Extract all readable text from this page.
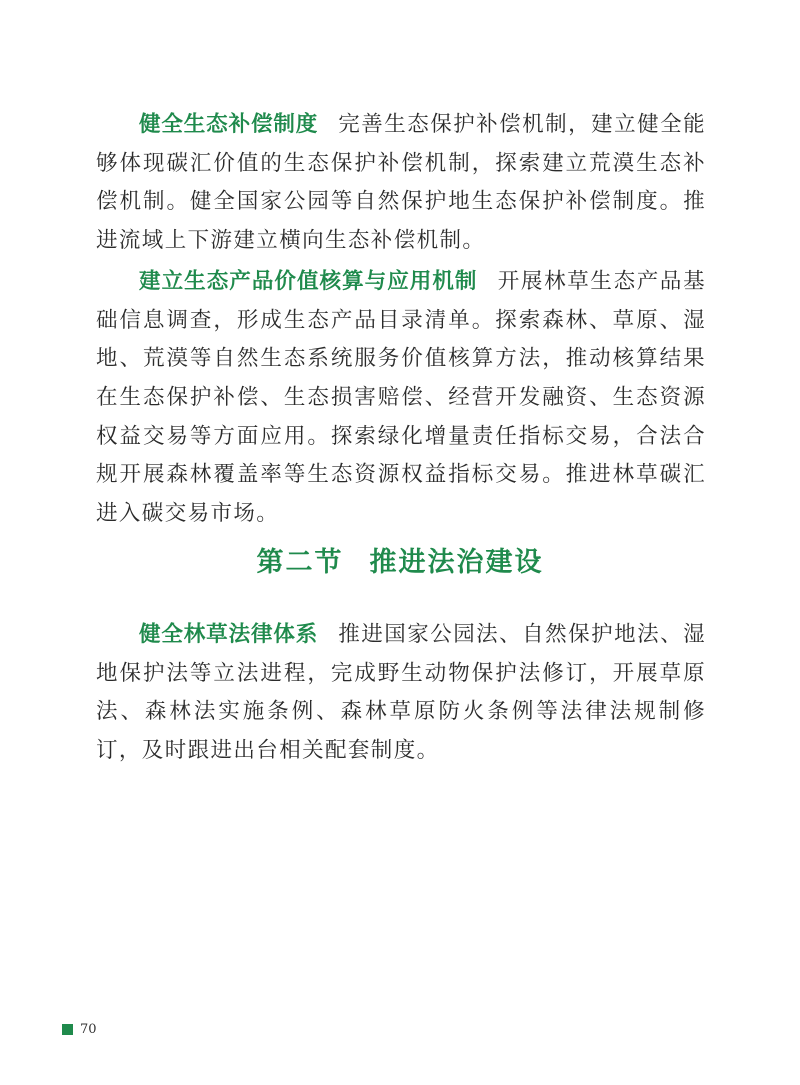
健全生态补偿制度 完善生态保护补偿机制，建立健全能够体现碳汇价值的生态保护补偿机制，探索建立荒漠生态补偿机制。健全国家公园等自然保护地生态保护补偿制度。推进流域上下游建立横向生态补偿机制。

建立生态产品价值核算与应用机制 开展林草生态产品基础信息调查，形成生态产品目录清单。探索森林、草原、湿地、荒漠等自然生态系统服务价值核算方法，推动核算结果在生态保护补偿、生态损害赔偿、经营开发融资、生态资源权益交易等方面应用。探索绿化增量责任指标交易，合法合规开展森林覆盖率等生态资源权益指标交易。推进林草碳汇进入碳交易市场。

第二节 推进法治建设

健全林草法律体系 推进国家公园法、自然保护地法、湿地保护法等立法进程，完成野生动物保护法修订，开展草原法、森林法实施条例、森林草原防火条例等法律法规制修订，及时跟进出台相关配套制度。

70
